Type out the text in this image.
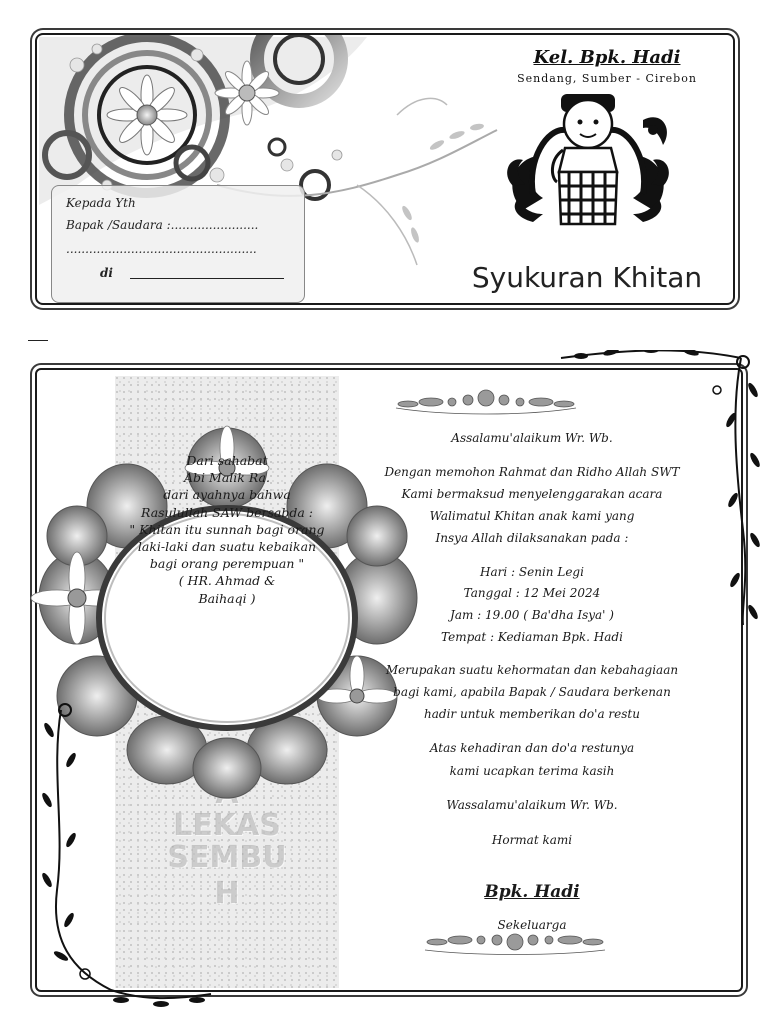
Kepada Yth
Bapak /Saudara :.......................
..................................................
di
Kel. Bpk. Hadi
Sendang, Sumber - Cirebon
Syukuran Khitan
LEKAS
SEMBU
H
Dari sahabat
Abi Malik Ra.
dari ayahnya bahwa
Rasulullah SAW bersabda :
" Khitan itu sunnah bagi orang
laki-laki dan suatu kebaikan
bagi orang perempuan "
( HR. Ahmad &
Baihaqi )
Assalamu'alaikum Wr. Wb.
Dengan memohon Rahmat dan Ridho Allah SWT
Kami bermaksud menyelenggarakan acara
Walimatul Khitan anak kami yang
Insya Allah dilaksanakan pada :
Hari : Senin Legi
Tanggal : 12 Mei 2024
Jam : 19.00 ( Ba'dha Isya' )
Tempat : Kediaman Bpk. Hadi
Merupakan suatu kehormatan dan kebahagiaan
bagi kami, apabila Bapak / Saudara berkenan
hadir untuk memberikan do'a restu
Atas kehadiran dan do'a restunya
kami ucapkan terima kasih
Wassalamu'alaikum Wr. Wb.
Hormat kami
Bpk. Hadi
Sekeluarga
